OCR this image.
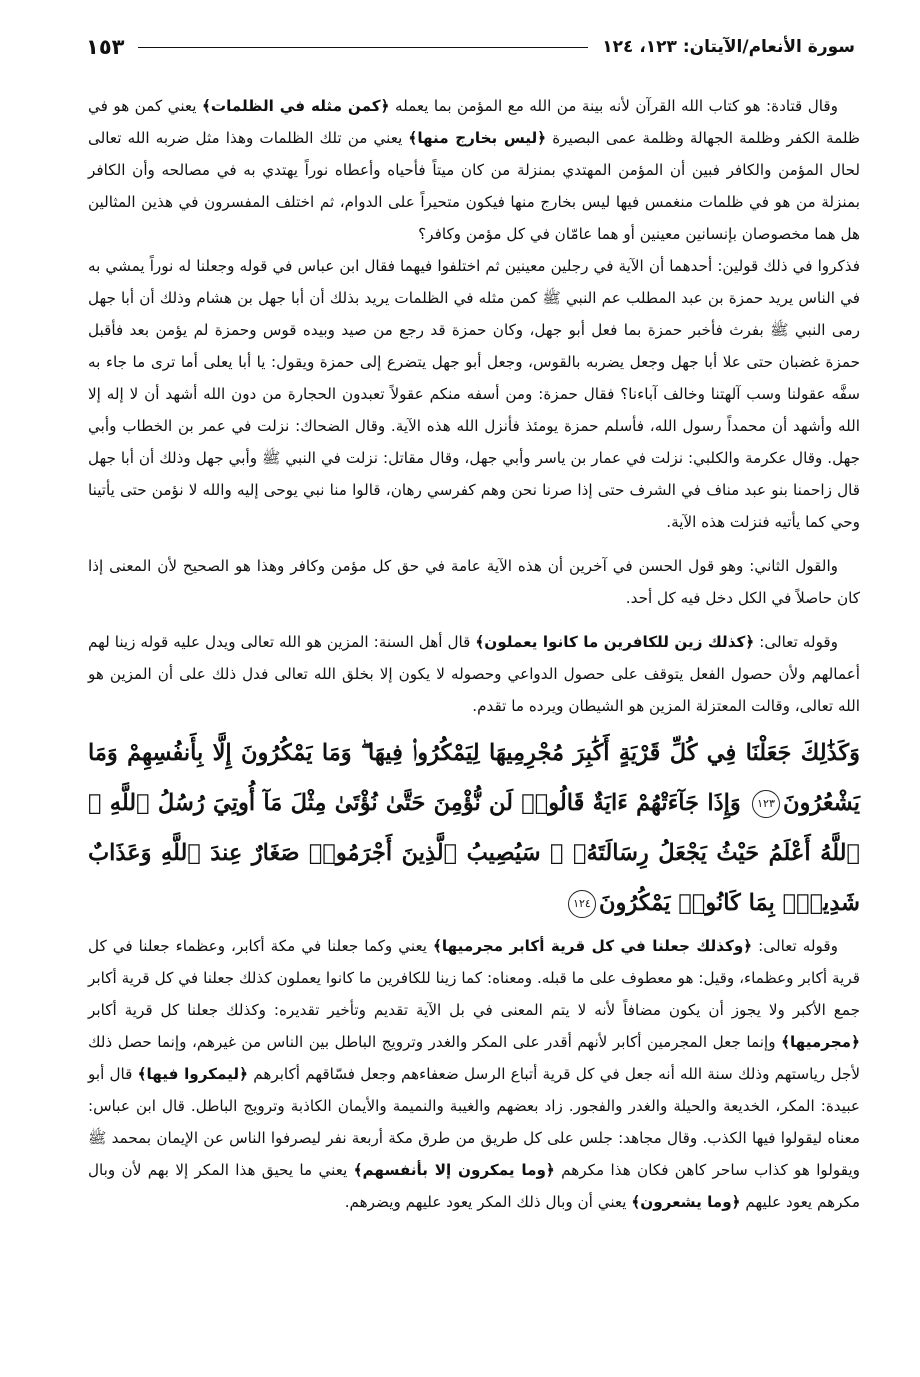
سورة الأنعام/الآيتان: ١٢٣، ١٢٤
١٥٣

وقال قتادة: هو كتاب الله القرآن لأنه بينة من الله مع المؤمن بما يعمله ﴿كمن مثله في الظلمات﴾ يعني كمن هو في ظلمة الكفر وظلمة الجهالة وظلمة عمى البصيرة ﴿ليس بخارج منها﴾ يعني من تلك الظلمات وهذا مثل ضربه الله تعالى لحال المؤمن والكافر فبين أن المؤمن المهتدي بمنزلة من كان ميتاً فأحياه وأعطاه نوراً يهتدي به في مصالحه وأن الكافر بمنزلة من هو في ظلمات منغمس فيها ليس بخارج منها فيكون متحيراً على الدوام، ثم اختلف المفسرون في هذين المثالين هل هما مخصوصان بإنسانين معينين أو هما عامّان في كل مؤمن وكافر؟

فذكروا في ذلك قولين: أحدهما أن الآية في رجلين معينين ثم اختلفوا فيهما فقال ابن عباس في قوله وجعلنا له نوراً يمشي به في الناس يريد حمزة بن عبد المطلب عم النبي ﷺ كمن مثله في الظلمات يريد بذلك أن أبا جهل بن هشام وذلك أن أبا جهل رمى النبي ﷺ بفرث فأخبر حمزة بما فعل أبو جهل، وكان حمزة قد رجع من صيد وبيده قوس وحمزة لم يؤمن بعد فأقبل حمزة غضبان حتى علا أبا جهل وجعل يضربه بالقوس، وجعل أبو جهل يتضرع إلى حمزة ويقول: يا أبا يعلى أما ترى ما جاء به سفَّه عقولنا وسب آلهتنا وخالف آباءنا؟ فقال حمزة: ومن أسفه منكم عقولاً تعبدون الحجارة من دون الله أشهد أن لا إله إلا الله وأشهد أن محمداً رسول الله، فأسلم حمزة يومئذ فأنزل الله هذه الآية. وقال الضحاك: نزلت في عمر بن الخطاب وأبي جهل. وقال عكرمة والكلبي: نزلت في عمار بن ياسر وأبي جهل، وقال مقاتل: نزلت في النبي ﷺ وأبي جهل وذلك أن أبا جهل قال زاحمنا بنو عبد مناف في الشرف حتى إذا صرنا نحن وهم كفرسي رهان، قالوا منا نبي يوحى إليه والله لا نؤمن حتى يأتينا وحي كما يأتيه فنزلت هذه الآية.

والقول الثاني: وهو قول الحسن في آخرين أن هذه الآية عامة في حق كل مؤمن وكافر وهذا هو الصحيح لأن المعنى إذا كان حاصلاً في الكل دخل فيه كل أحد.

وقوله تعالى: ﴿كذلك زين للكافرين ما كانوا يعملون﴾ قال أهل السنة: المزين هو الله تعالى ويدل عليه قوله زينا لهم أعمالهم ولأن حصول الفعل يتوقف على حصول الدواعي وحصوله لا يكون إلا بخلق الله تعالى فدل ذلك على أن المزين هو الله تعالى، وقالت المعتزلة المزين هو الشيطان ويرده ما تقدم.

وَكَذَٰلِكَ جَعَلْنَا فِي كُلِّ قَرْيَةٍ أَكَٰبِرَ مُجْرِمِيهَا لِيَمْكُرُوا۟ فِيهَا ۖ وَمَا يَمْكُرُونَ إِلَّا بِأَنفُسِهِمْ وَمَا يَشْعُرُونَ١٢٣ وَإِذَا جَآءَتْهُمْ ءَايَةٌ قَالُوا۟ لَن نُّؤْمِنَ حَتَّىٰ نُؤْتَىٰ مِثْلَ مَآ أُوتِيَ رُسُلُ ٱللَّهِ ۘ ٱللَّهُ أَعْلَمُ حَيْثُ يَجْعَلُ رِسَالَتَهُۥ ۗ سَيُصِيبُ ٱلَّذِينَ أَجْرَمُوا۟ صَغَارٌ عِندَ ٱللَّهِ وَعَذَابٌ شَدِيدٌۢ بِمَا كَانُوا۟ يَمْكُرُونَ١٢٤

وقوله تعالى: ﴿وكذلك جعلنا في كل قرية أكابر مجرميها﴾ يعني وكما جعلنا في مكة أكابر، وعظماء جعلنا في كل قرية أكابر وعظماء، وقيل: هو معطوف على ما قبله. ومعناه: كما زينا للكافرين ما كانوا يعملون كذلك جعلنا في كل قرية أكابر جمع الأكبر ولا يجوز أن يكون مضافاً لأنه لا يتم المعنى في بل الآية تقديم وتأخير تقديره: وكذلك جعلنا كل قرية أكابر ﴿مجرميها﴾ وإنما جعل المجرمين أكابر لأنهم أقدر على المكر والغدر وترويج الباطل بين الناس من غيرهم، وإنما حصل ذلك لأجل رياستهم وذلك سنة الله أنه جعل في كل قرية أتباع الرسل ضعفاءهم وجعل فسّاقهم أكابرهم ﴿ليمكروا فيها﴾ قال أبو عبيدة: المكر، الخديعة والحيلة والغدر والفجور. زاد بعضهم والغيبة والنميمة والأيمان الكاذبة وترويج الباطل. قال ابن عباس: معناه ليقولوا فيها الكذب. وقال مجاهد: جلس على كل طريق من طرق مكة أربعة نفر ليصرفوا الناس عن الإيمان بمحمد ﷺ ويقولوا هو كذاب ساحر كاهن فكان هذا مكرهم ﴿وما يمكرون إلا بأنفسهم﴾ يعني ما يحيق هذا المكر إلا بهم لأن وبال مكرهم يعود عليهم ﴿وما يشعرون﴾ يعني أن وبال ذلك المكر يعود عليهم ويضرهم.
